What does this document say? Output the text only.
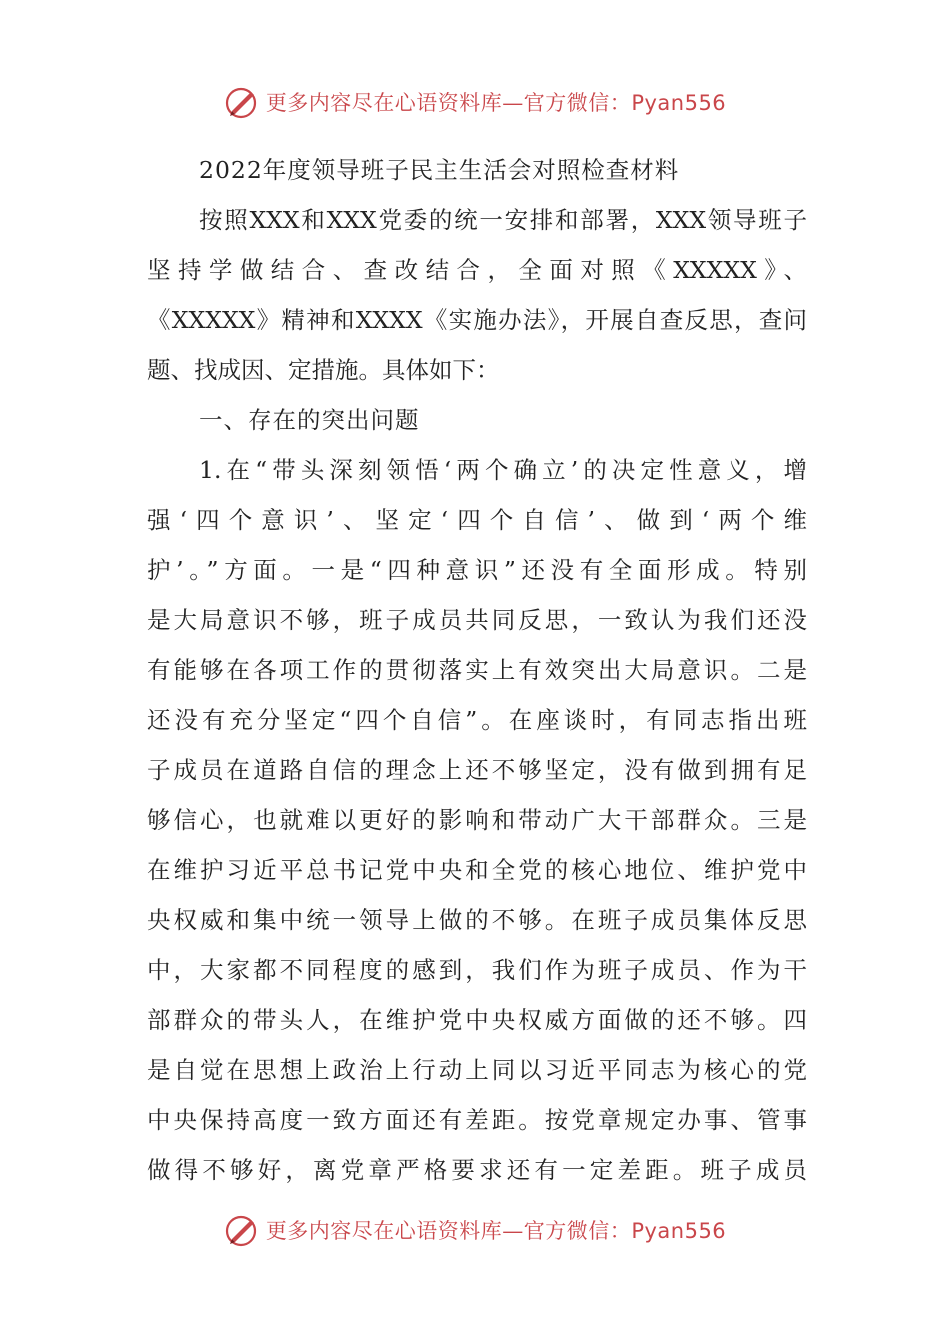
更多内容尽在心语资料库—官方微信：Pyan556
2022年度领导班子民主生活会对照检查材料
按照XXX和XXX党委的统一安排和部署，XXX领导班子
坚持学做结合、查改结合，全面对照《XXXXX》、
《XXXXX》精神和XXXX《实施办法》，开展自查反思，查问
题、找成因、定措施。具体如下：
一、存在的突出问题
1.在“带头深刻领悟‘两个确立’的决定性意义，增
强‘四个意识’、坚定‘四个自信’、做到‘两个维
护’。”方面。一是“四种意识”还没有全面形成。特别
是大局意识不够，班子成员共同反思，一致认为我们还没
有能够在各项工作的贯彻落实上有效突出大局意识。二是
还没有充分坚定“四个自信”。在座谈时，有同志指出班
子成员在道路自信的理念上还不够坚定，没有做到拥有足
够信心，也就难以更好的影响和带动广大干部群众。三是
在维护习近平总书记党中央和全党的核心地位、维护党中
央权威和集中统一领导上做的不够。在班子成员集体反思
中，大家都不同程度的感到，我们作为班子成员、作为干
部群众的带头人，在维护党中央权威方面做的还不够。四
是自觉在思想上政治上行动上同以习近平同志为核心的党
中央保持高度一致方面还有差距。按党章规定办事、管事
做得不够好，离党章严格要求还有一定差距。班子成员
更多内容尽在心语资料库—官方微信：Pyan556
